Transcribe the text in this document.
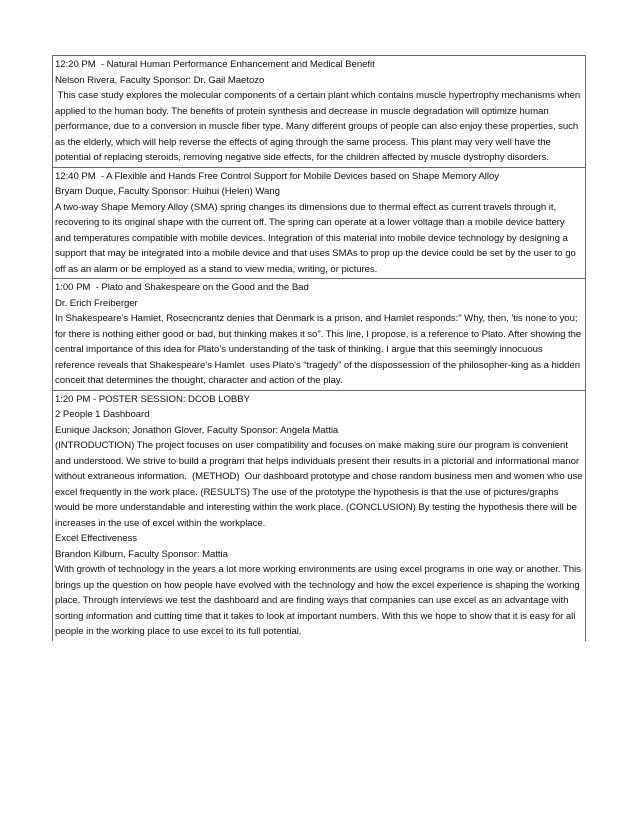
12:20 PM  - Natural Human Performance Enhancement and Medical Benefit
Nelson Rivera, Faculty Sponsor: Dr. Gail Maetozo
This case study explores the molecular components of a certain plant which contains muscle hypertrophy mechanisms when applied to the human body. The benefits of protein synthesis and decrease in muscle degradation will optimize human performance, due to a conversion in muscle fiber type. Many different groups of people can also enjoy these properties, such as the elderly, which will help reverse the effects of aging through the same process. This plant may very well have the potential of replacing steroids, removing negative side effects, for the children affected by muscle dystrophy disorders.
12:40 PM  - A Flexible and Hands Free Control Support for Mobile Devices based on Shape Memory Alloy
Bryam Duque, Faculty Sponsor: Huihui (Helen) Wang
A two-way Shape Memory Alloy (SMA) spring changes its dimensions due to thermal effect as current travels through it, recovering to its original shape with the current off. The spring can operate at a lower voltage than a mobile device battery and temperatures compatible with mobile devices. Integration of this material into mobile device technology by designing a support that may be integrated into a mobile device and that uses SMAs to prop up the device could be set by the user to go off as an alarm or be employed as a stand to view media, writing, or pictures.
1:00 PM  - Plato and Shakespeare on the Good and the Bad
Dr. Erich Freiberger
In Shakespeare’s Hamlet, Rosecncrantz denies that Denmark is a prison, and Hamlet responds:" Why, then, 'tis none to you; for there is nothing either good or bad, but thinking makes it so". This line, I propose, is a reference to Plato. After showing the central importance of this idea for Plato’s understanding of the task of thinking. I argue that this seemingly innocuous reference reveals that Shakespeare’s Hamlet  uses Plato's “tragedy” of the dispossession of the philosopher-king as a hidden conceit that determines the thought, character and action of the play.
1:20 PM - POSTER SESSION: DCOB LOBBY
2 People 1 Dashboard
Eunique Jackson; Jonathon Glover, Faculty Sponsor: Angela Mattia
(INTRODUCTION) The project focuses on user compatibility and focuses on make making sure our program is convenient and understood. We strive to build a program that helps individuals present their results in a pictorial and informational manor without extraneous information.  (METHOD)  Our dashboard prototype and chose random business men and women who use excel frequently in the work place. (RESULTS) The use of the prototype the hypothesis is that the use of pictures/graphs would be more understandable and interesting within the work place. (CONCLUSION) By testing the hypothesis there will be increases in the use of excel within the workplace.
Excel Effectiveness
Brandon Kilburn, Faculty Sponsor: Mattia
With growth of technology in the years a lot more working environments are using excel programs in one way or another. This brings up the question on how people have evolved with the technology and how the excel experience is shaping the working place. Through interviews we test the dashboard and are finding ways that companies can use excel as an advantage with sorting information and cutting time that it takes to look at important numbers. With this we hope to show that it is easy for all people in the working place to use excel to its full potential.
